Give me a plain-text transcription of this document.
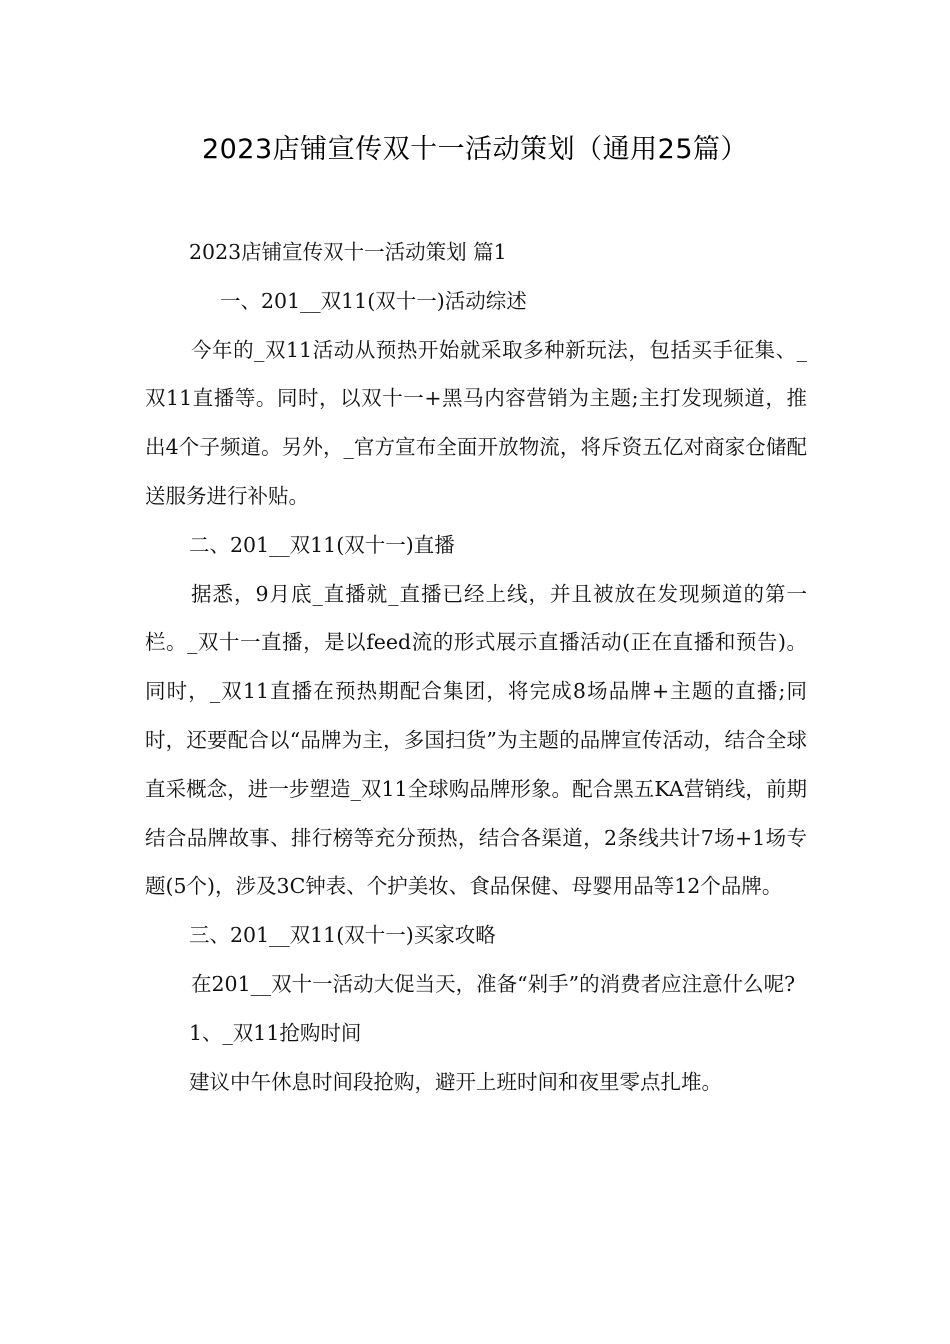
2023店铺宣传双十一活动策划（通用25篇）

2023店铺宣传双十一活动策划 篇1

一、201__双11(双十一)活动综述

今年的_双11活动从预热开始就采取多种新玩法，包括买手征集、_双11直播等。同时，以双十一+黑马内容营销为主题;主打发现频道，推出4个子频道。另外，_官方宣布全面开放物流，将斥资五亿对商家仓储配送服务进行补贴。

二、201__双11(双十一)直播

据悉，9月底_直播就_直播已经上线，并且被放在发现频道的第一栏。_双十一直播，是以feed流的形式展示直播活动(正在直播和预告)。同时，_双11直播在预热期配合集团，将完成8场品牌+主题的直播;同时，还要配合以“品牌为主，多国扫货”为主题的品牌宣传活动，结合全球直采概念，进一步塑造_双11全球购品牌形象。配合黑五KA营销线，前期结合品牌故事、排行榜等充分预热，结合各渠道，2条线共计7场+1场专题(5个)，涉及3C钟表、个护美妆、食品保健、母婴用品等12个品牌。

三、201__双11(双十一)买家攻略

在201__双十一活动大促当天，准备“剁手”的消费者应注意什么呢?

1、_双11抢购时间

建议中午休息时间段抢购，避开上班时间和夜里零点扎堆。
